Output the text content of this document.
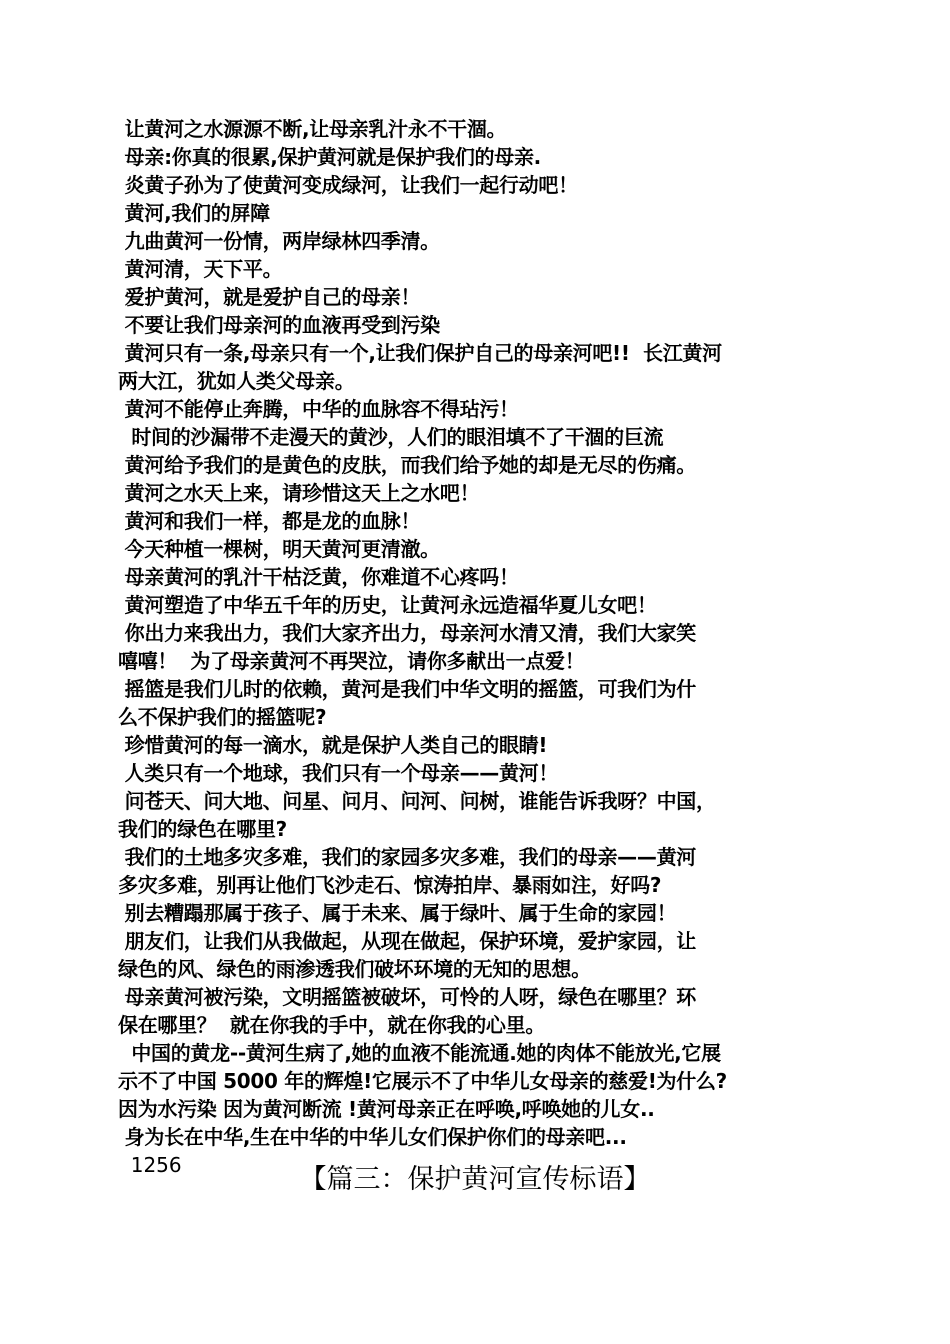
让黄河之水源源不断,让母亲乳汁永不干涸。
母亲:你真的很累,保护黄河就是保护我们的母亲.
炎黄子孙为了使黄河变成绿河，让我们一起行动吧！
黄河,我们的屏障
九曲黄河一份情，两岸绿林四季清。
黄河清，天下平。
爱护黄河，就是爱护自己的母亲！
不要让我们母亲河的血液再受到污染
黄河只有一条,母亲只有一个,让我们保护自己的母亲河吧!!  长江黄河
两大江，犹如人类父母亲。
黄河不能停止奔腾，中华的血脉容不得玷污！
时间的沙漏带不走漫天的黄沙，人们的眼泪填不了干涸的巨流
黄河给予我们的是黄色的皮肤，而我们给予她的却是无尽的伤痛。
黄河之水天上来，请珍惜这天上之水吧！
黄河和我们一样，都是龙的血脉！
今天种植一棵树，明天黄河更清澈。
母亲黄河的乳汁干枯泛黄，你难道不心疼吗！
黄河塑造了中华五千年的历史，让黄河永远造福华夏儿女吧！
你出力来我出力，我们大家齐出力，母亲河水清又清，我们大家笑
嘻嘻！  为了母亲黄河不再哭泣，请你多献出一点爱！
摇篮是我们儿时的依赖，黄河是我们中华文明的摇篮，可我们为什
么不保护我们的摇篮呢?
珍惜黄河的每一滴水，就是保护人类自己的眼睛!
人类只有一个地球，我们只有一个母亲——黄河！
问苍天、问大地、问星、问月、问河、问树，谁能告诉我呀？中国，
我们的绿色在哪里?
我们的土地多灾多难，我们的家园多灾多难，我们的母亲——黄河
多灾多难，别再让他们飞沙走石、惊涛拍岸、暴雨如注，好吗?
别去糟蹋那属于孩子、属于未来、属于绿叶、属于生命的家园！
朋友们，让我们从我做起，从现在做起，保护环境，爱护家园，让
绿色的风、绿色的雨渗透我们破坏环境的无知的思想。
母亲黄河被污染，文明摇篮被破坏，可怜的人呀，绿色在哪里？环
保在哪里？  就在你我的手中，就在你我的心里。
中国的黄龙--黄河生病了,她的血液不能流通.她的肉体不能放光,它展
示不了中国 5000 年的辉煌!它展示不了中华儿女母亲的慈爱!为什么?
因为水污染 因为黄河断流 !黄河母亲正在呼唤,呼唤她的儿女..
身为长在中华,生在中华的中华儿女们保护你们的母亲吧...
1256	【篇三：保护黄河宣传标语】
